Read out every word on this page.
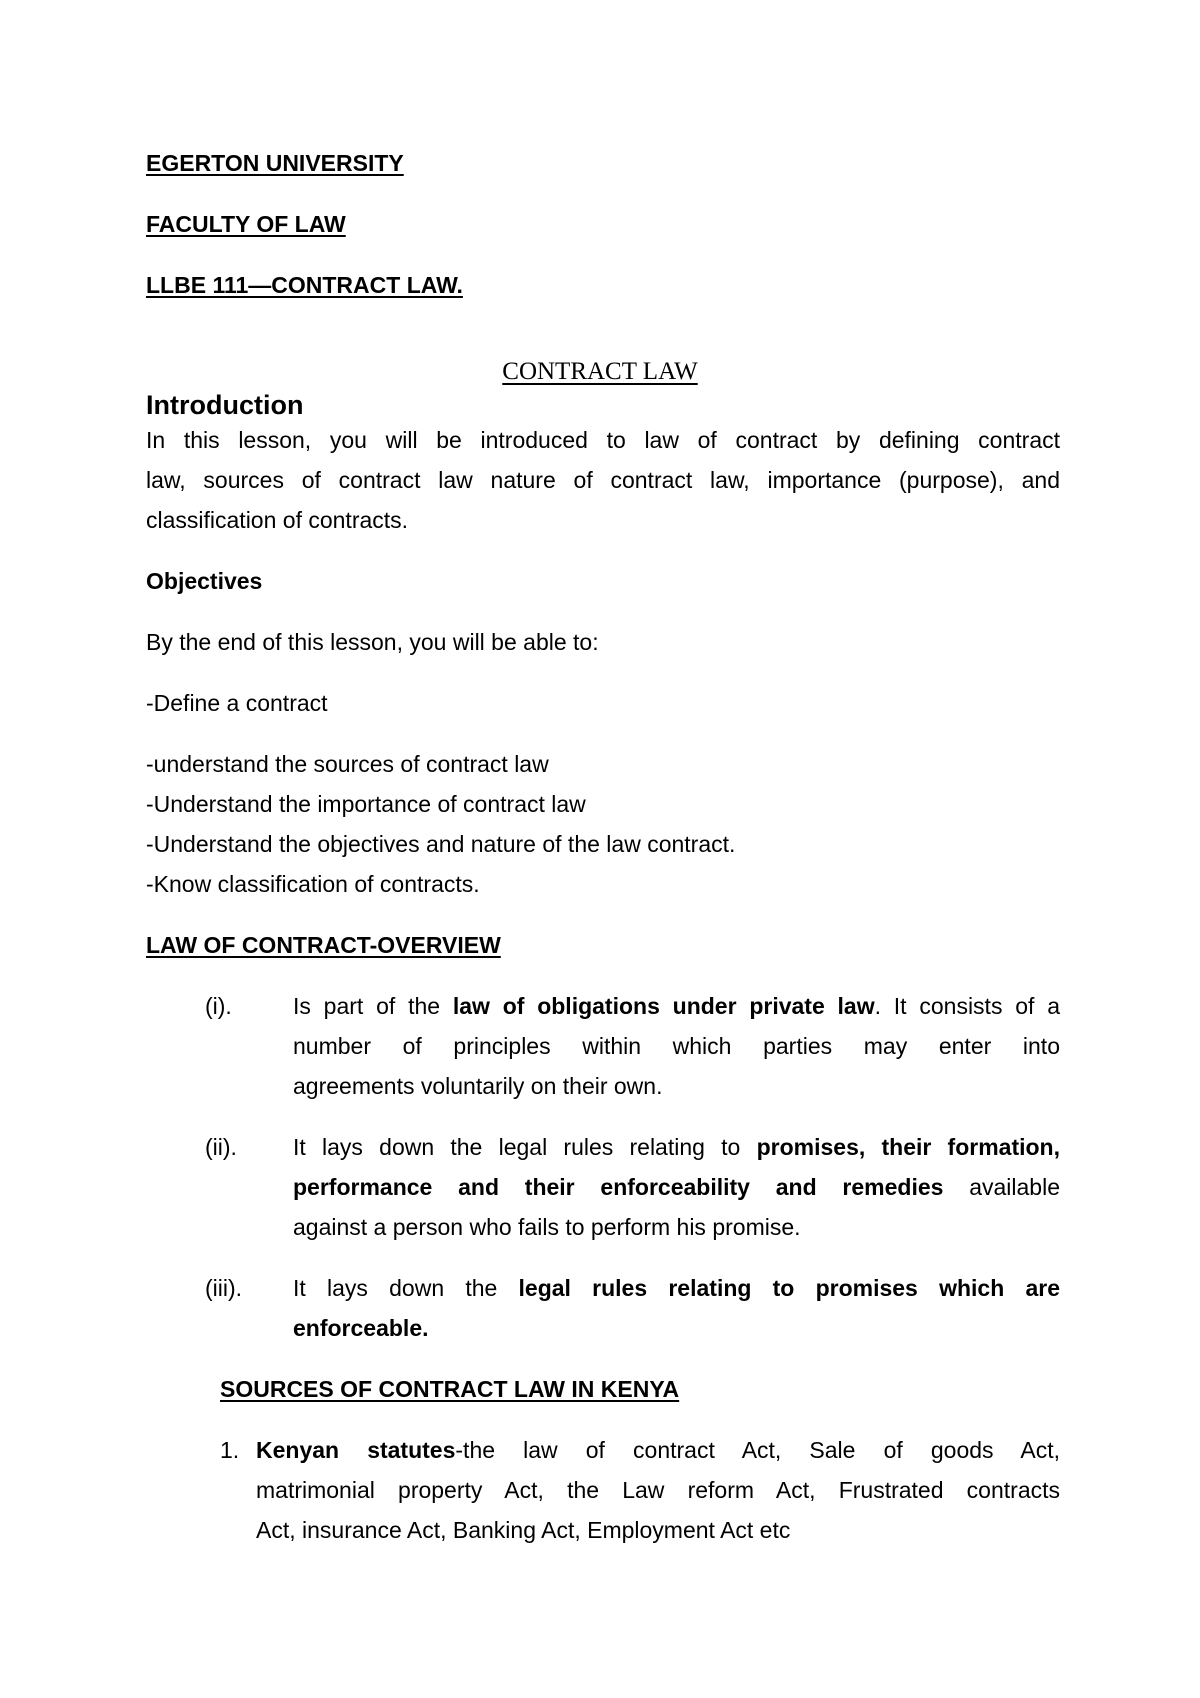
EGERTON UNIVERSITY
FACULTY OF LAW
LLBE 111—CONTRACT LAW.
CONTRACT LAW
Introduction
In this lesson, you will be introduced to law of contract by defining contract
law, sources of contract law nature of contract law, importance (purpose), and
classification of contracts.
Objectives
By the end of this lesson, you will be able to:
-Define a contract
-understand the sources of contract law
-Understand the importance of contract law
-Understand the objectives and nature of the law contract.
-Know classification of contracts.
LAW OF CONTRACT-OVERVIEW
(i).	Is part of the law of obligations under private law. It consists of a
number of principles within which parties may enter into
agreements voluntarily on their own.
(ii). It lays down the legal rules relating to promises, their formation,
performance and their enforceability and remedies available
against a person who fails to perform his promise.
(iii). It lays down the legal rules relating to promises which are
enforceable.
SOURCES OF CONTRACT LAW IN KENYA
1. Kenyan statutes-the law of contract Act, Sale of goods Act,
matrimonial property Act, the Law reform Act, Frustrated contracts
Act, insurance Act, Banking Act, Employment Act etc
